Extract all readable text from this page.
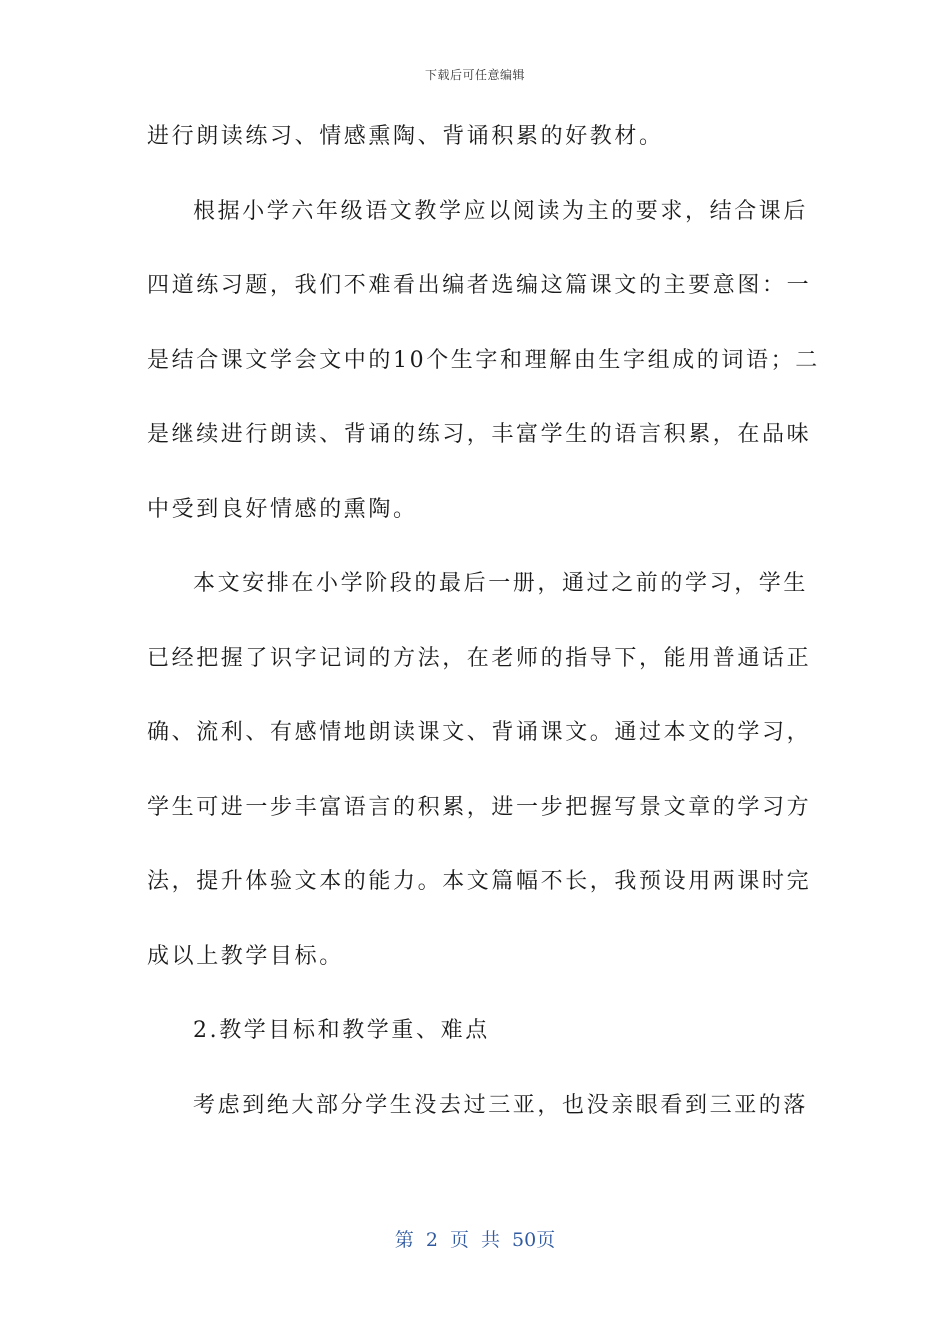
下载后可任意编辑
进行朗读练习、情感熏陶、背诵积累的好教材。
根据小学六年级语文教学应以阅读为主的要求，结合课后
四道练习题，我们不难看出编者选编这篇课文的主要意图：一
是结合课文学会文中的10个生字和理解由生字组成的词语；二
是继续进行朗读、背诵的练习，丰富学生的语言积累，在品味
中受到良好情感的熏陶。
本文安排在小学阶段的最后一册，通过之前的学习，学生
已经把握了识字记词的方法，在老师的指导下，能用普通话正
确、流利、有感情地朗读课文、背诵课文。通过本文的学习，
学生可进一步丰富语言的积累，进一步把握写景文章的学习方
法，提升体验文本的能力。本文篇幅不长，我预设用两课时完
成以上教学目标。
2.教学目标和教学重、难点
考虑到绝大部分学生没去过三亚，也没亲眼看到三亚的落
第 2 页 共 50页
